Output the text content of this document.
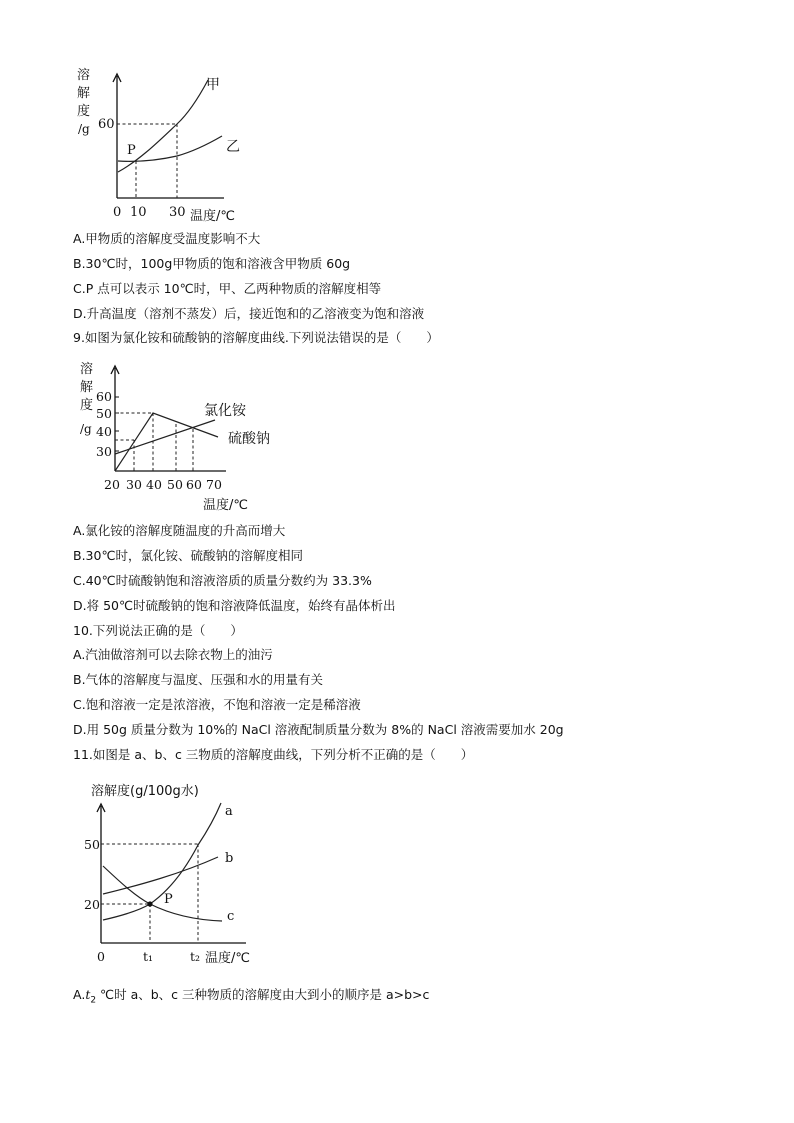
溶
解
度
/g
甲
乙
P
60
0 10 30 温度/℃
A.甲物质的溶解度受温度影响不大
B.30℃时，100g甲物质的饱和溶液含甲物质 60g
C.P 点可以表示 10℃时，甲、乙两种物质的溶解度相等
D.升高温度（溶剂不蒸发）后，接近饱和的乙溶液变为饱和溶液
9.如图为氯化铵和硫酸钠的溶解度曲线.下列说法错误的是（　　）
溶
解
度
/g
氯化铵
硫酸钠
60
50
40
30
20 30 40 50 60 70
温度/℃
A.氯化铵的溶解度随温度的升高而增大
B.30℃时，氯化铵、硫酸钠的溶解度相同
C.40℃时硫酸钠饱和溶液溶质的质量分数约为 33.3%
D.将 50℃时硫酸钠的饱和溶液降低温度，始终有晶体析出
10.下列说法正确的是（　　）
A.汽油做溶剂可以去除衣物上的油污
B.气体的溶解度与温度、压强和水的用量有关
C.饱和溶液一定是浓溶液，不饱和溶液一定是稀溶液
D.用 50g 质量分数为 10%的 NaCl 溶液配制质量分数为 8%的 NaCl 溶液需要加水 20g
11.如图是 a、b、c 三物质的溶解度曲线，下列分析不正确的是（　　）
溶解度(g/100g水)
P
a
b
c
50
20
0	t₁	t₂ 温度/℃
$A.t_2$ ℃时 a、b、c 三种物质的溶解度由大到小的顺序是 a>b>c
